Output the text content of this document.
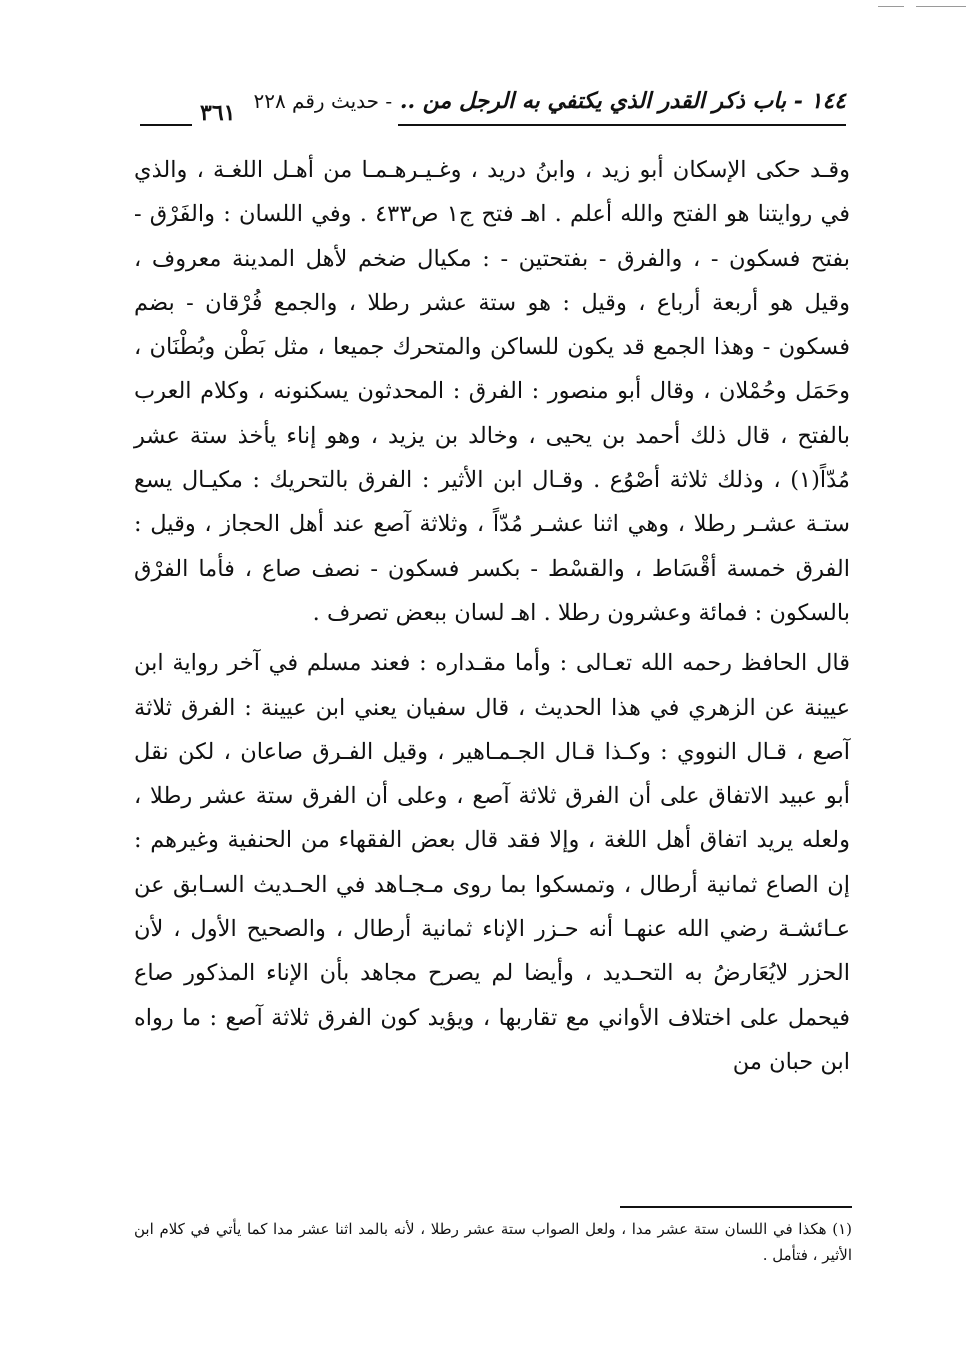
١٤٤ - باب ذكر القدر الذي يكتفي به الرجل من .. - حديث رقم ٢٢٨
٣٦١

وقـد حكى الإسكان أبو زيد ، وابنُ دريد ، وغـيـرهـمـا من أهـل اللغـة ، والذي في روايتنا هو الفتح والله أعلم . اهـ فتح ج١ ص٤٣٣ . وفي اللسان : والفَرْق - بفتح فسكون - ، والفرق - بفتحتين - : مكيال ضخم لأهل المدينة معروف ، وقيل هو أربعة أرباع ، وقيل : هو ستة عشر رطلا ، والجمع فُرْقان - بضم فسكون - وهذا الجمع قد يكون للساكن والمتحرك جميعا ، مثل بَطْن وبُطْنَان ، وحَمَل وحُمْلان ، وقال أبو منصور : الفرق : المحدثون يسكنونه ، وكلام العرب بالفتح ، قال ذلك أحمد بن يحيى ، وخالد بن يزيد ، وهو إناء يأخذ ستة عشر مُدّاً(١) ، وذلك ثلاثة أصْوُع . وقـال ابن الأثير : الفرق بالتحريك : مكيـال يسع ستـة عشـر رطلا ، وهي اثنا عشـر مُدّاً ، وثلاثة آصع عند أهل الحجاز ، وقيل : الفرق خمسة أقْسَاط ، والقسْط - بكسر فسكون - نصف صاع ، فأما الفرْق بالسكون : فمائة وعشرون رطلا . اهـ لسان ببعض تصرف .

قال الحافظ رحمه الله تعـالى : وأما مقـداره : فعند مسلم في آخر رواية ابن عيينة عن الزهري في هذا الحديث ، قال سفيان يعني ابن عيينة : الفرق ثلاثة آصع ، قـال النووي : وكـذا قـال الجـمـاهير ، وقيل الفـرق صاعان ، لكن نقل أبو عبيد الاتفاق على أن الفرق ثلاثة آصع ، وعلى أن الفرق ستة عشر رطلا ، ولعله يريد اتفاق أهل اللغة ، وإلا فقد قال بعض الفقهاء من الحنفية وغيرهم : إن الصاع ثمانية أرطال ، وتمسكوا بما روى مـجـاهد في الحـديث السـابق عن عـائشـة رضي الله عنهـا أنه حـزر الإناء ثمانية أرطال ، والصحيح الأول ، لأن الحزر لايُعَارضُ به التحـديد ، وأيضا لم يصرح مجاهد بأن الإناء المذكور صاع فيحمل على اختلاف الأواني مع تقاربها ، ويؤيد كون الفرق ثلاثة آصع : ما رواه ابن حبان من

(١) هكذا في اللسان ستة عشر مدا ، ولعل الصواب ستة عشر رطلا ، لأنه بالمد اثنا عشر مدا كما يأتي في كلام ابن الأثير ، فتأمل .
